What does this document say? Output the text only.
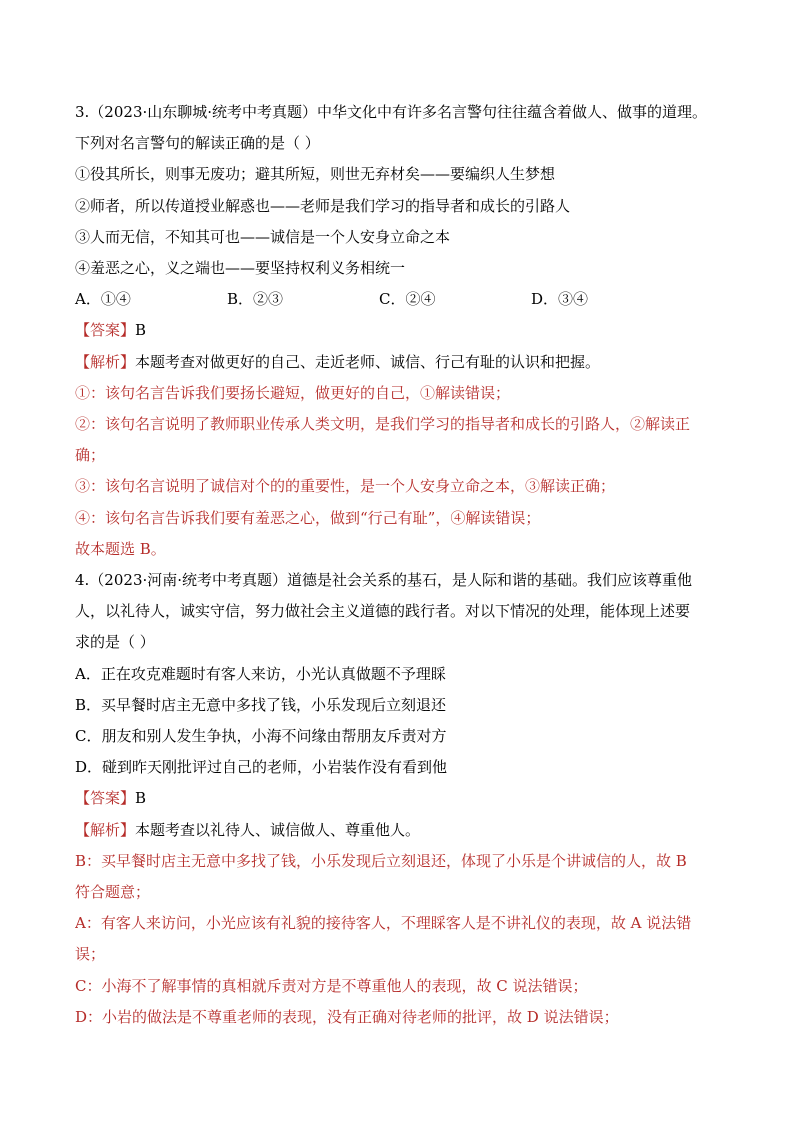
3.（2023·山东聊城·统考中考真题）中华文化中有许多名言警句往往蕴含着做人、做事的道理。
下列对名言警句的解读正确的是（ ）
①役其所长，则事无废功；避其所短，则世无弃材矣——要编织人生梦想
②师者，所以传道授业解惑也——老师是我们学习的指导者和成长的引路人
③人而无信，不知其可也——诚信是一个人安身立命之本
④羞恶之心，义之端也——要坚持权利义务相统一
A．①④	B．②③	C．②④	D．③④
【答案】B
【解析】本题考查对做更好的自己、走近老师、诚信、行己有耻的认识和把握。
①：该句名言告诉我们要扬长避短，做更好的自己，①解读错误；
②：该句名言说明了教师职业传承人类文明，是我们学习的指导者和成长的引路人，②解读正
确；
③：该句名言说明了诚信对个的的重要性，是一个人安身立命之本，③解读正确；
④：该句名言告诉我们要有羞恶之心，做到“行己有耻”，④解读错误；
故本题选 B。
4.（2023·河南·统考中考真题）道德是社会关系的基石，是人际和谐的基础。我们应该尊重他
人，以礼待人，诚实守信，努力做社会主义道德的践行者。对以下情况的处理，能体现上述要
求的是（ ）
A．正在攻克难题时有客人来访，小光认真做题不予理睬
B．买早餐时店主无意中多找了钱，小乐发现后立刻退还
C．朋友和别人发生争执，小海不问缘由帮朋友斥责对方
D．碰到昨天刚批评过自己的老师，小岩装作没有看到他
【答案】B
【解析】本题考查以礼待人、诚信做人、尊重他人。
B：买早餐时店主无意中多找了钱，小乐发现后立刻退还，体现了小乐是个讲诚信的人，故 B
符合题意；
A：有客人来访问，小光应该有礼貌的接待客人，不理睬客人是不讲礼仪的表现，故 A 说法错
误；
C：小海不了解事情的真相就斥责对方是不尊重他人的表现，故 C 说法错误；
D：小岩的做法是不尊重老师的表现，没有正确对待老师的批评，故 D 说法错误；
